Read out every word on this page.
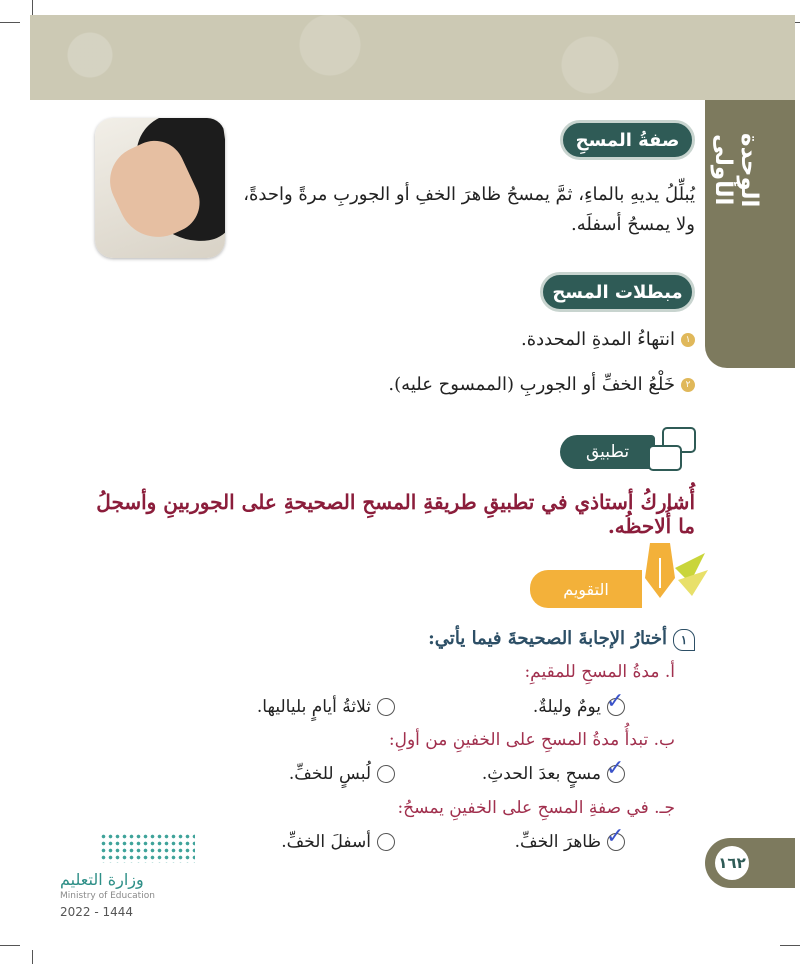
الوحدة الأولى
صفةُ المسحِ
يُبلِّلُ يديهِ بالماءِ، ثمَّ يمسحُ ظاهرَ الخفِ أو الجوربِ مرةً واحدةً،
ولا يمسحُ أسفلَه.
مبطلات المسح
١انتهاءُ المدةِ المحددة.
٢خَلْعُ الخفِّ أو الجوربِ (الممسوح عليه).
تطبيق
أُشاركُ أستاذي في تطبيقِ طريقةِ المسحِ الصحيحةِ على الجوربينِ وأسجلُ ما أُلاحظُه.
التقويم
١أختارُ الإجابةَ الصحيحةَ فيما يأتي:
أ. مدةُ المسحِ للمقيمِ:
✓
يومٌ وليلةٌ.
ثلاثةُ أيامٍ بلياليها.
ب. تبدأُ مدةُ المسحِ على الخفينِ من أولِ:
✓
مسحٍ بعدَ الحدثِ.
لُبسٍ للخفِّ.
جـ. في صفةِ المسحِ على الخفينِ يمسحُ:
✓
ظاهرَ الخفِّ.
أسفلَ الخفِّ.
١٦٢
وزارة التعليم
Ministry of Education
2022 - 1444
